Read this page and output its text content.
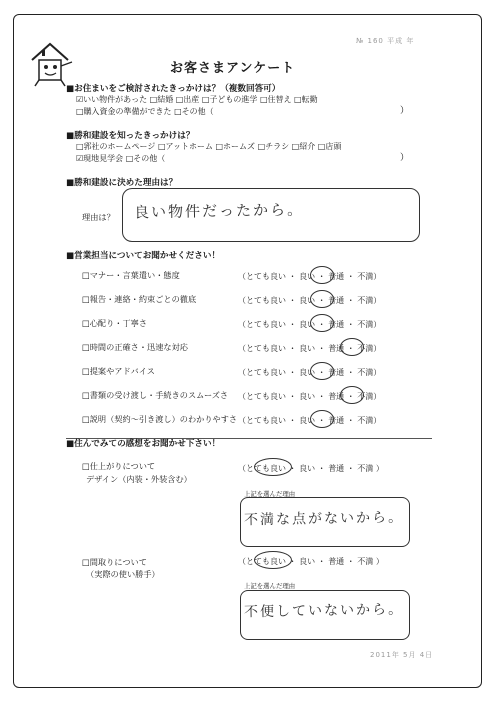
№ 160 平成 年
お客さまアンケート
■お住まいをご検討されたきっかけは？（複数回答可）
☑いい物件があった □結婚 □出産 □子どもの進学 □住替え □転勤
□購入資金の準備ができた □その他（	）
■勝和建設を知ったきっかけは？
□郛社のホームページ □アットホーム □ホームズ □チラシ □紹介 □店頭
☑現地見学会 □その他（	）
■勝和建設に決めた理由は？
理由は？ 良い物件だったから。
■営業担当についてお聞かせください！
□マナー・言葉遣い・態度	（とても良い ・ 良い ・ 普通 ・ 不満）
□報告・連絡・約束ごとの徹底	（とても良い ・ 良い ・ 普通 ・ 不満）
□心配り・丁寧さ	（とても良い ・ 良い ・ 普通 ・ 不満）
□時間の正確さ・迅速な対応	（とても良い ・ 良い ・ 普通 ・ 不満）
□提案やアドバイス	（とても良い ・ 良い ・ 普通 ・ 不満）
□書類の受け渡し・手続きのスムーズさ （とても良い ・ 良い ・ 普通 ・ 不満）
□説明（契約～引き渡し）のわかりやすさ （とても良い ・ 良い ・ 普通 ・ 不満）
■住んでみての感想をお聞かせ下さい！
□仕上がりについて
デザイン（内装・外装含む）
（とても良い ・ 良い ・ 普通 ・ 不満 ）
上記を選んだ理由
不満な点がないから。
□間取りについて
（実際の使い勝手）
（とても良い ・ 良い ・ 普通 ・ 不満 ）
上記を選んだ理由
不便していないから。
2011年 5月 4日
